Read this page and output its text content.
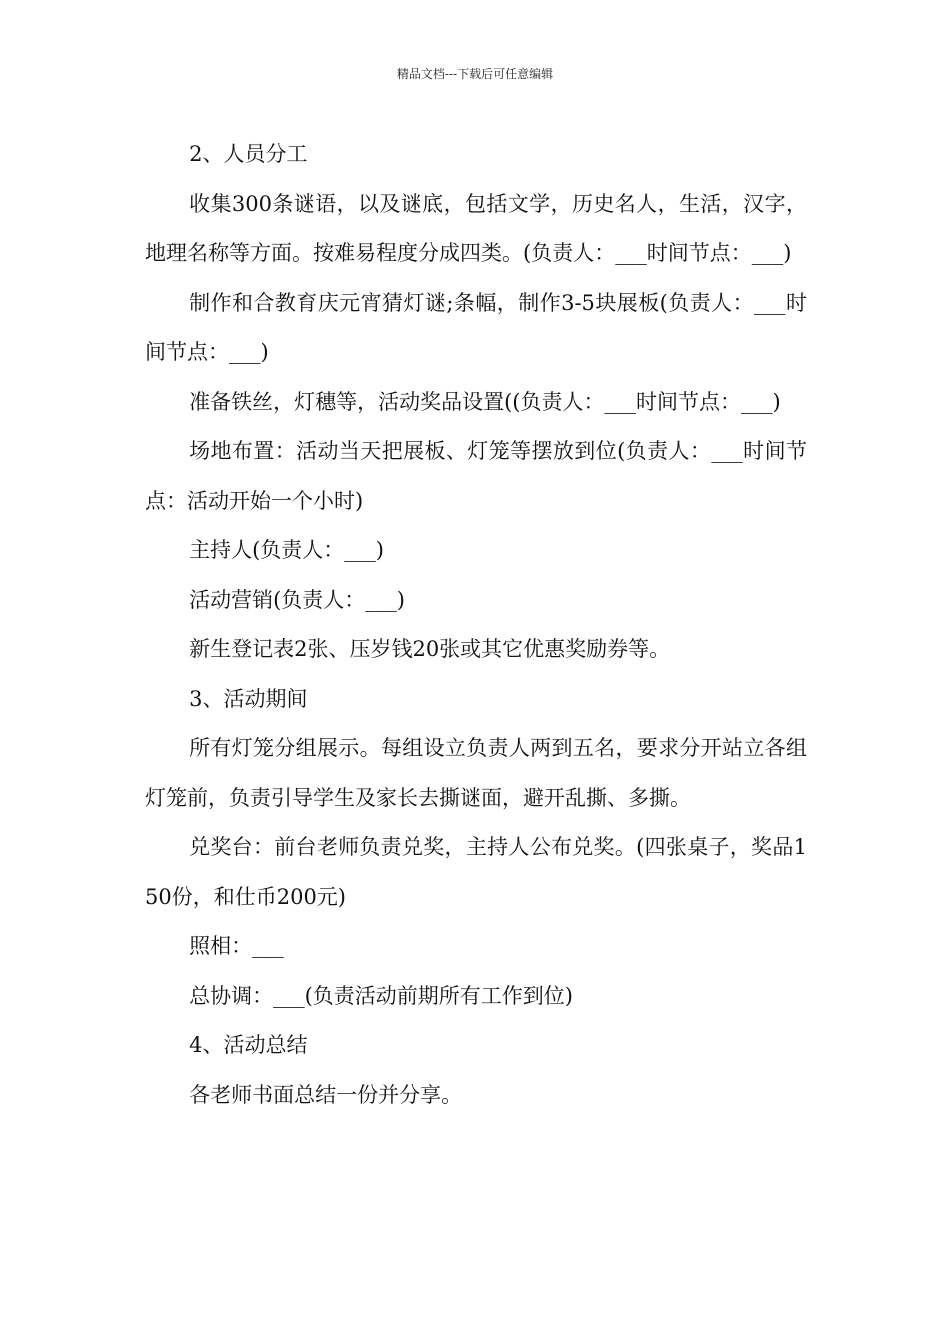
精品文档---下载后可任意编辑

2、人员分工

收集300条谜语，以及谜底，包括文学，历史名人，生活，汉字，地理名称等方面。按难易程度分成四类。(负责人：___时间节点：___)

制作和合教育庆元宵猜灯谜;条幅，制作3-5块展板(负责人：___时间节点：___)

准备铁丝，灯穗等，活动奖品设置((负责人：___时间节点：___)

场地布置：活动当天把展板、灯笼等摆放到位(负责人：___时间节点：活动开始一个小时)

主持人(负责人：___)

活动营销(负责人：___)

新生登记表2张、压岁钱20张或其它优惠奖励券等。

3、活动期间

所有灯笼分组展示。每组设立负责人两到五名，要求分开站立各组灯笼前，负责引导学生及家长去撕谜面，避开乱撕、多撕。

兑奖台：前台老师负责兑奖，主持人公布兑奖。(四张桌子，奖品150份，和仕币200元)

照相：___

总协调：___(负责活动前期所有工作到位)

4、活动总结

各老师书面总结一份并分享。
